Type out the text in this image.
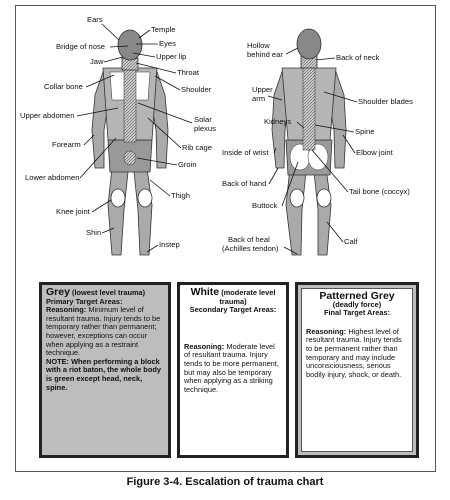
Ears
Temple
Eyes
Bridge of nose
Upper lip
Jaw
Throat
Collar bone	Shoulder
Upper abdomen	Solar
plexus
Forearm	Rib cage
Groin
Lower abdomen
Thigh
Knee joint
Shin
Instep
Hollow
behind ear	Back of neck
Upper
arm	Shoulder blades
Kidneys
Spine
Inside of wrist	Elbow joint
Back of hand
Tail bone (coccyx)
Buttock
Back of heal
(Achilles tendon)
Calf

Grey (lowest level trauma)

Primary Target Areas:

Reasoning: Minimum level of resultant trauma. Injury tends to be temporary rather than permanent; however, exceptions can occur when applying as a restraint technique.

NOTE: When performing a block with a riot baton, the whole body is green except head, neck, spine.

White (moderate level trauma)

Secondary Target Areas:

Reasoning: Moderate level of resultant trauma. Injury tends to be more permanent, but may also be temporary when applying as a striking technique.

Patterned Grey

(deadly force)

Final Target Areas:

Reasoning: Highest level of resultant trauma. Injury tends to be permanent rather than temporary and may include unconsciousness, serious bodily injury, shock, or death.

Figure 3-4. Escalation of trauma chart
